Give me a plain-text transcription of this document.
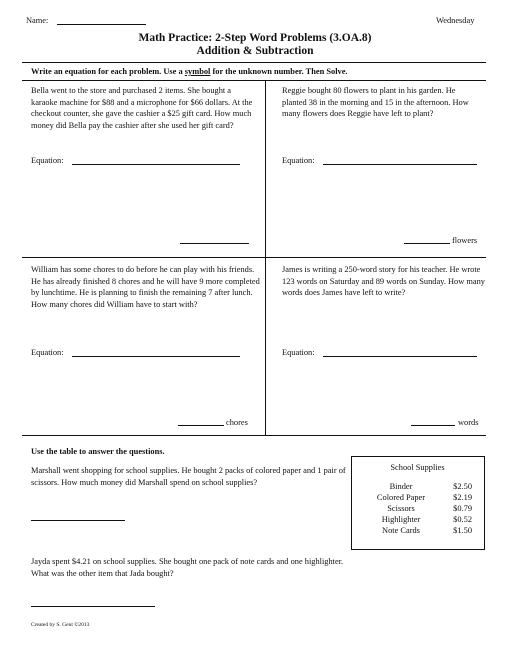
Name:	Wednesday
Math Practice: 2-Step Word Problems (3.OA.8)
Addition & Subtraction
Write an equation for each problem. Use a symbol for the unknown number. Then Solve.
Bella went to the store and purchased 2 items. She bought a karaoke machine for $88 and a microphone for $66 dollars. At the checkout counter, she gave the cashier a $25 gift card. How much money did Bella pay the cashier after she used her gift card?
Equation:
Reggie bought 80 flowers to plant in his garden. He planted 38 in the morning and 15 in the afternoon. How many flowers does Reggie have left to plant?
Equation:
flowers
William has some chores to do before he can play with his friends. He has already finished 8 chores and he will have 9 more completed by lunchtime. He is planning to finish the remaining 7 after lunch. How many chores did William have to start with?
Equation:
chores
James is writing a 250-word story for his teacher. He wrote 123 words on Saturday and 89 words on Sunday. How many words does James have left to write?
Equation:
words
Use the table to answer the questions.
Marshall went shopping for school supplies. He bought 2 packs of colored paper and 1 pair of scissors. How much money did Marshall spend on school supplies?
Jayda spent $4.21 on school supplies. She bought one pack of note cards and one highlighter. What was the other item that Jada bought?
School Supplies
Binder	$2.50
Colored Paper	$2.19
Scissors	$0.79
Highlighter	$0.52
Note Cards	$1.50
Created by S. Gent ©2013
